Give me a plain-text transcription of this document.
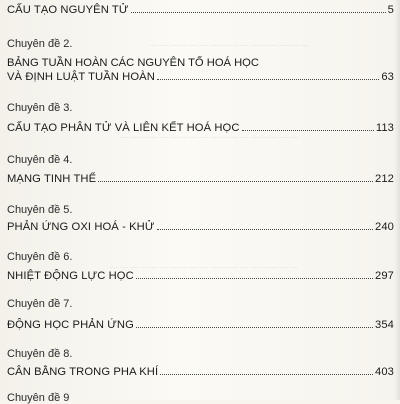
— — — — — — — — — — — — — — — —
— — — — — — — — — — — — — — — — — —
— — — — — — — — — — — — — — — — — — —
CẤU TẠO NGUYÊN TỬ	5
Chuyên đề 2.
BẢNG TUẦN HOÀN CÁC NGUYÊN TỐ HOÁ HỌC
VÀ ĐỊNH LUẬT TUẦN HOÀN	63
Chuyên đề 3.
CẤU TẠO PHÂN TỬ VÀ LIÊN KẾT HOÁ HỌC	113
Chuyên đề 4.
MẠNG TINH THỂ	212
Chuyên đề 5.
PHẢN ỨNG OXI HOÁ - KHỬ	240
Chuyên đề 6.
NHIỆT ĐỘNG LỰC HỌC	297
Chuyên đề 7.
ĐỘNG HỌC PHẢN ỨNG	354
Chuyên đề 8.
CÂN BẰNG TRONG PHA KHÍ	403
Chuyên đề 9
